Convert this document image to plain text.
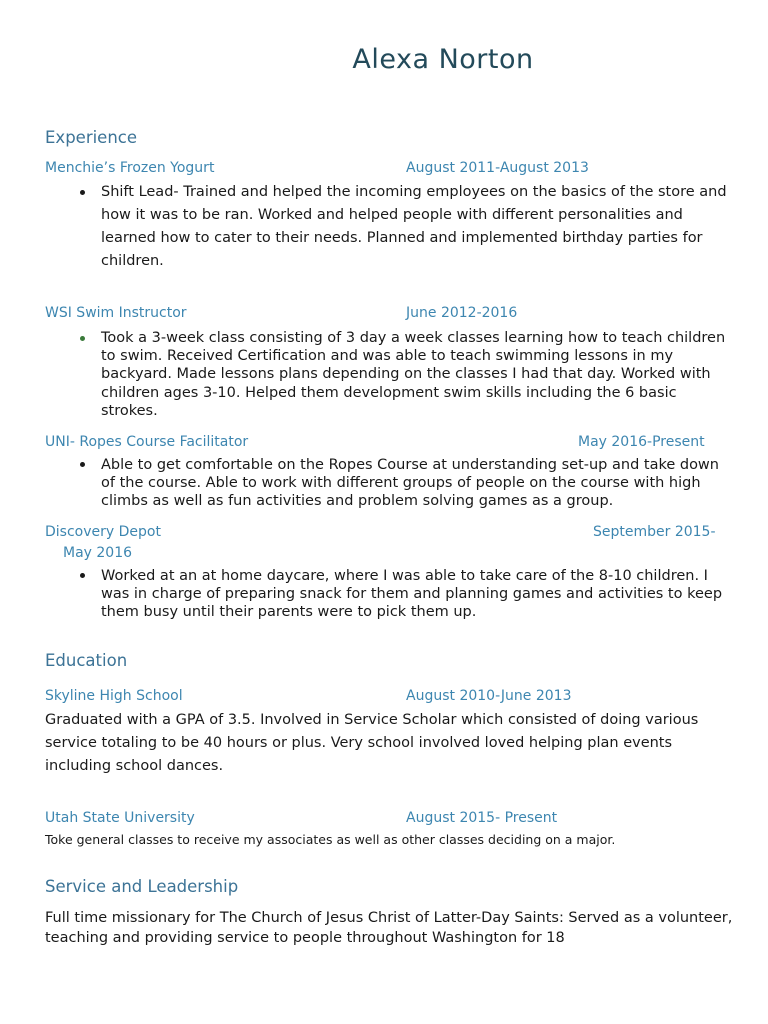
Alexa Norton
Experience
Menchie’s Frozen Yogurt	August 2011-August 2013
Shift Lead- Trained and helped the incoming employees on the basics of the store and how it was to be ran. Worked and helped people with different personalities and learned how to cater to their needs. Planned and implemented birthday parties for children.
WSI Swim Instructor	June 2012-2016
Took a 3-week class consisting of 3 day a week classes learning how to teach children to swim. Received Certification and was able to teach swimming lessons in my backyard. Made lessons plans depending on the classes I had that day. Worked with children ages 3-10. Helped them development swim skills including the 6 basic strokes.
UNI- Ropes Course Facilitator	May 2016-Present
Able to get comfortable on the Ropes Course at understanding set-up and take down of the course. Able to work with different groups of people on the course with high climbs as well as fun activities and problem solving games as a group.
Discovery Depot	September 2015-
May 2016
Worked at an at home daycare, where I was able to take care of the 8-10 children. I was in charge of preparing snack for them and planning games and activities to keep them busy until their parents were to pick them up.
Education
Skyline High School	August 2010-June 2013
Graduated with a GPA of 3.5. Involved in Service Scholar which consisted of doing various service totaling to be 40 hours or plus. Very school involved loved helping plan events including school dances.
Utah State University	August 2015- Present
Toke general classes to receive my associates as well as other classes deciding on a major.
Service and Leadership
Full time missionary for The Church of Jesus Christ of Latter-Day Saints: Served as a volunteer, teaching and providing service to people throughout Washington for 18
